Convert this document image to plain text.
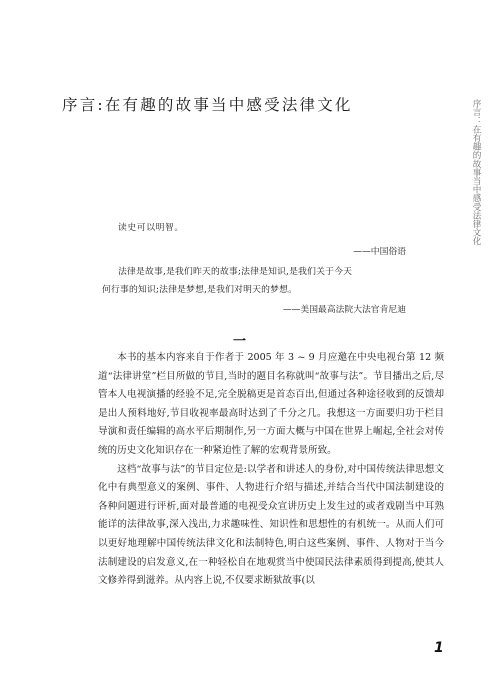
序言:在有趣的故事当中感受法律文化	序言：在有趣的故事当中感受法律文化
读史可以明智。
——中国俗语
法律是故事,是我们昨天的故事;法律是知识,是我们关于今天
何行事的知识;法律是梦想,是我们对明天的梦想。
——美国最高法院大法官肯尼迪
一

本书的基本内容来自于作者于 2005 年 3 ~ 9 月应邀在中央电视台第 12 频道“法律讲堂”栏目所做的节目,当时的题目名称就叫“故事与法”。节目播出之后,尽管本人电视演播的经验不足,完全脱稿更是首态百出,但通过各种途径收到的反馈却是出人预料地好,节目收视率最高时达到了千分之几。我想这一方面要归功于栏目导演和责任编辑的高水平后期制作,另一方面大概与中国在世界上崛起,全社会对传统的历史文化知识存在一种紧迫性了解的宏观背景所致。

这档“故事与法”的节目定位是:以学者和讲述人的身份,对中国传统法律思想文化中有典型意义的案例、事件、人物进行介绍与描述,并结合当代中国法制建设的各种问题进行评析,面对最普通的电视受众宣讲历史上发生过的或者戏剧当中耳熟能详的法律故事,深入浅出,力求趣味性、知识性和思想性的有机统一。从而人们可以更好地理解中国传统法律文化和法制特色,明白这些案例、事件、人物对于当今法制建设的启发意义,在一种轻松自在地观赏当中使国民法律素质得到提高,使其人文修养得到滋养。从内容上说,不仅要求断狱故事(以

1
